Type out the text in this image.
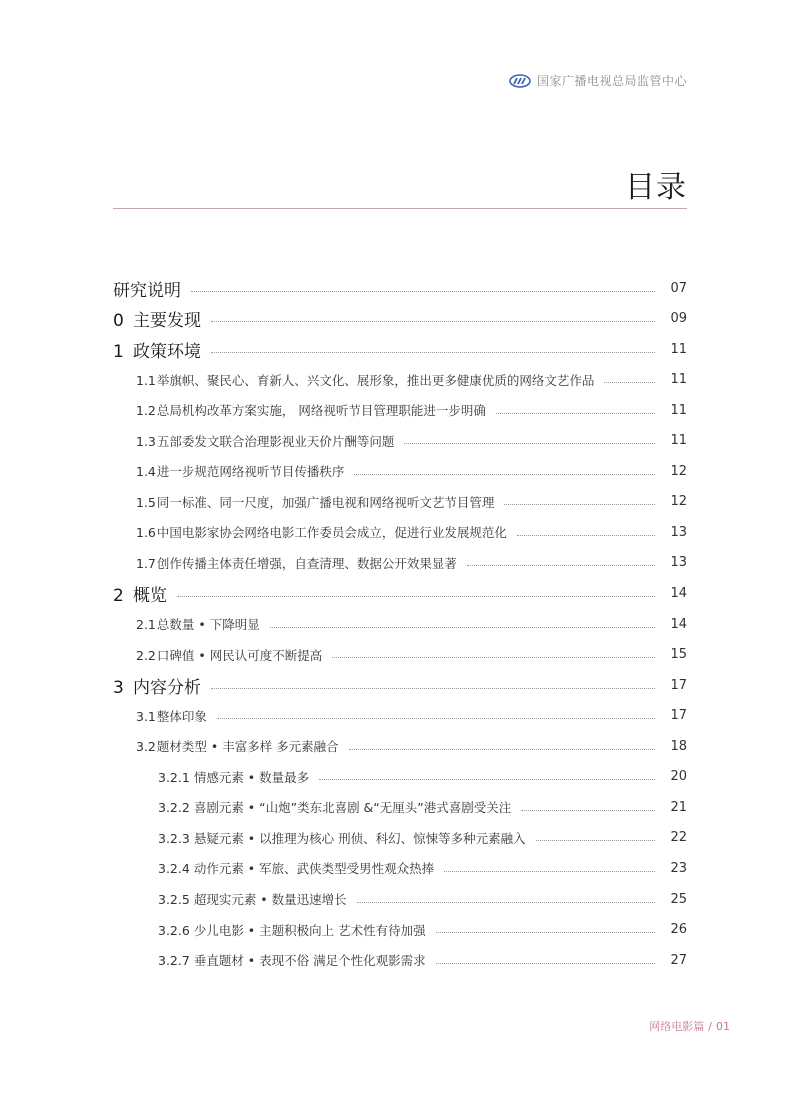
国家广播电视总局监管中心
目录
研究说明	07
0 主要发现	09
1 政策环境	11
1.1举旗帜、聚民心、育新人、兴文化、展形象，推出更多健康优质的网络文艺作品	11
1.2总局机构改革方案实施， 网络视听节目管理职能进一步明确	11
1.3五部委发文联合治理影视业天价片酬等问题	11
1.4进一步规范网络视听节目传播秩序	12
1.5同一标准、同一尺度，加强广播电视和网络视听文艺节目管理	12
1.6中国电影家协会网络电影工作委员会成立，促进行业发展规范化	13
1.7创作传播主体责任增强，自查清理、数据公开效果显著	13
2 概览	14
2.1总数量 • 下降明显	14
2.2口碑值 • 网民认可度不断提高	15
3 内容分析	17
3.1整体印象	17
3.2题材类型 • 丰富多样 多元素融合	18
3.2.1 情感元素 • 数量最多	20
3.2.2 喜剧元素 • “山炮”类东北喜剧 &“无厘头”港式喜剧受关注	21
3.2.3 悬疑元素 • 以推理为核心 刑侦、科幻、惊悚等多种元素融入	22
3.2.4 动作元素 • 军旅、武侠类型受男性观众热捧	23
3.2.5 超现实元素 • 数量迅速增长	25
3.2.6 少儿电影 • 主题积极向上 艺术性有待加强	26
3.2.7 垂直题材 • 表现不俗 满足个性化观影需求	27
网络电影篇 / 01
